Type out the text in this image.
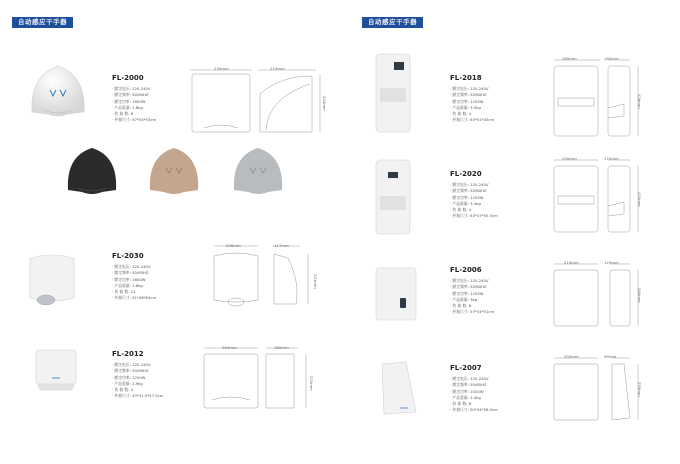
自动感应干手器
FL-2000
· 额定电压: 220-240V
· 额定频率: 50/60HZ
· 额定功率: 1800W
· 产品重量: 1.8kg
· 装 箱 数: 6
· 外箱尺寸: 57*55*53cm
235mm	215mm
240mm
FL-2030
· 额定电压: 220-240V
· 额定频率: 50/60HZ
· 额定功率: 1600W
· 产品重量: 1.8kg
· 装 箱 数: 12
· 外箱尺寸: 51*46*64cm
206mm	117mm
231mm
FL-2012
· 额定电压: 220-240V
· 额定频率: 50/60HZ
· 额定功率: 1250W
· 产品重量: 2.9kg
· 装 箱 数: 4
· 外箱尺寸: 43*31.5*47.5cm
260mm	180mm
270mm
自动感应干手器
FL-2018
· 额定电压: 220-240V
· 额定频率: 50/60HZ
· 额定功率: 1200W
· 产品重量: 3.5kg
· 装 箱 数: 4
· 外箱尺寸: 63*51*45cm
260mm	180mm
426mm
FL-2020
· 额定电压: 220-240V
· 额定频率: 50/60HZ
· 额定功率: 1200W
· 产品重量: 3.4kg
· 装 箱 数: 4
· 外箱尺寸: 63*37*55.5cm
250mm	170mm
410mm
FL-2006
· 额定电压: 220-240V
· 额定频率: 50/60HZ
· 额定功率: 1200W
· 产品重量: 3kg
· 装 箱 数: 6
· 外箱尺寸: 57*34*51cm
210mm	125mm
260mm
FL-2007
· 额定电压: 220-240V
· 额定频率: 50/60HZ
· 额定功率: 1000W
· 产品重量: 1.4kg
· 装 箱 数: 8
· 外箱尺寸: 50*34*58.5cm
205mm	99mm
255mm
